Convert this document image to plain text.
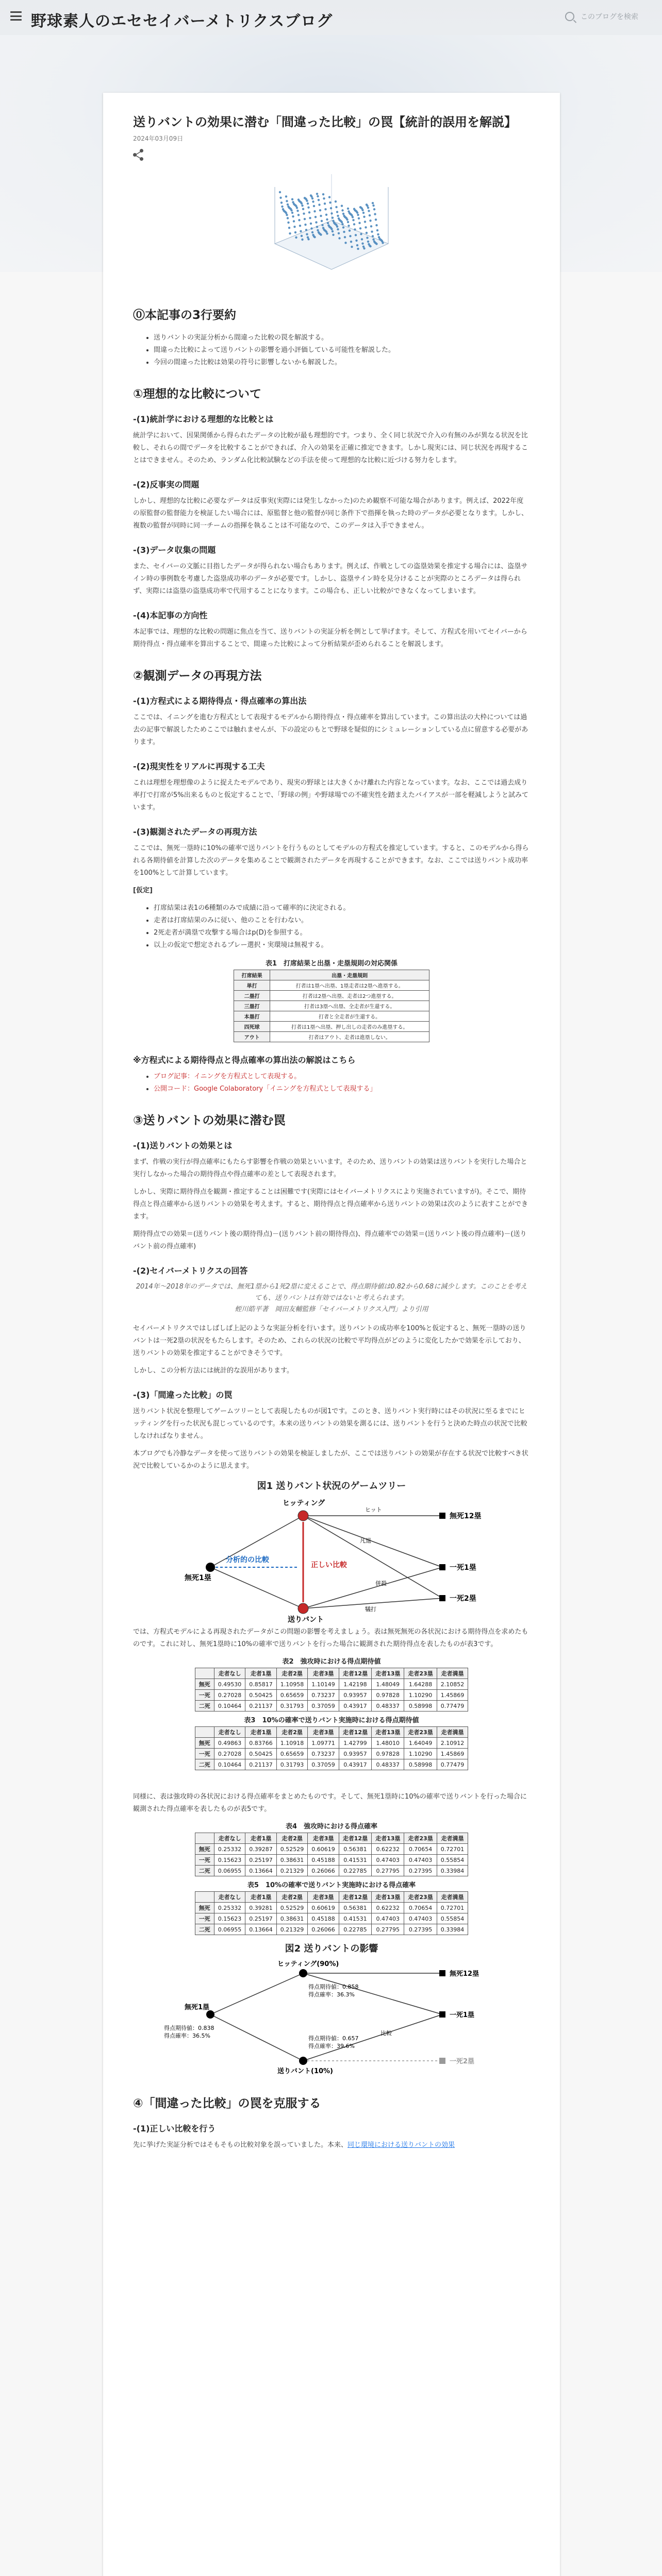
野球素人のエセセイバーメトリクスブログ	このブログを検索
送りバントの効果に潜む「間違った比較」の罠【統計的誤用を解説】
2024年03月09日
⓪本記事の3行要約
• 送りバントの実証分析から間違った比較の罠を解説する。
• 間違った比較によって送りバントの影響を過小評価している可能性を解説した。
• 今回の間違った比較は効果の符号に影響しないかも解説した。
①理想的な比較について
-(1)統計学における理想的な比較とは

統計学において、因果関係から得られたデータの比較が最も理想的です。つまり、全く同じ状況で介入の有無のみが異なる状況を比較し、それらの間でデータを比較することができれば、介入の効果を正確に推定できます。しかし現実には、同じ状況を再現することはできません。そのため、ランダム化比較試験などの手法を使って理想的な比較に近づける努力をします。

-(2)反事実の問題

しかし、理想的な比較に必要なデータは反事実(実際には発生しなかった)のため観察不可能な場合があります。例えば、2022年度の原監督の監督能力を検証したい場合には、原監督と他の監督が同じ条件下で指揮を執った時のデータが必要となります。しかし、複数の監督が同時に同一チームの指揮を執ることは不可能なので、このデータは入手できません。

-(3)データ収集の問題

また、セイバーの文脈に目指したデータが得られない場合もあります。例えば、作戦としての盗塁効果を推定する場合には、盗塁サイン時の事例数を考慮した盗塁成功率のデータが必要です。しかし、盗塁サイン時を見分けることが実際のところデータは得られず、実際には盗塁の盗塁成功率で代用することになります。この場合も、正しい比較ができなくなってしまいます。

-(4)本記事の方向性

本記事では、理想的な比較の問題に焦点を当て、送りバントの実証分析を例として挙げます。そして、方程式を用いてセイバーから期待得点・得点確率を算出することで、間違った比較によって分析結果が歪められることを解説します。

②観測データの再現方法
-(1)方程式による期待得点・得点確率の算出法

ここでは、イニングを進む方程式として表現するモデルから期待得点・得点確率を算出しています。この算出法の大枠については過去の記事で解説したためここでは触れませんが、下の設定のもとで野球を疑似的にシミュレーションしている点に留意する必要があります。

-(2)現実性をリアルに再現する工夫

これは理想を理想像のように捉えたモデルであり、現実の野球とは大きくかけ離れた内容となっています。なお、ここでは過去成り率打で打席が5%出来るものと仮定することで、「野球の例」や野球場での不確実性を踏まえたバイアスが一部を軽減しようと試みています。

-(3)観測されたデータの再現方法

ここでは、無死一塁時に10%の確率で送りバントを行うものとしてモデルの方程式を推定しています。すると、このモデルから得られる各期待値を計算した次のデータを集めることで観測されたデータを再現することができます。なお、ここでは送りバント成功率を100%として計算しています。

[仮定]

• 打席結果は表1の6種類のみで成績に沿って確率的に決定される。
• 走者は打席結果のみに従い、他のことを行わない。
• 2死走者が満塁で攻撃する場合はp(D)を参照する。
• 以上の仮定で想定されるプレー選択・実環境は無視する。
表1　打席結果と出塁・走塁規則の対応関係
打席結果	出塁・走塁規則
単打	打者は1塁へ出塁、1塁走者は2塁へ進塁する。
二塁打	打者は2塁へ出塁、走者は2つ進塁する。
三塁打	打者は3塁へ出塁、全走者が生還する。
本塁打	打者と全走者が生還する。
四死球	打者は1塁へ出塁、押し出しの走者のみ進塁する。
アウト	打者はアウト、走者は進塁しない。
※方程式による期待得点と得点確率の算出法の解説はこちら
• ブログ記事：イニングを方程式として表現する。
• 公開コード：Google Colaboratory「イニングを方程式として表現する」
③送りバントの効果に潜む罠
-(1)送りバントの効果とは

まず、作戦の実行が得点確率にもたらす影響を作戦の効果といいます。そのため、送りバントの効果は送りバントを実行した場合と実行しなかった場合の期待得点や得点確率の差として表現されます。

しかし、実際に期待得点を観測・推定することは困難です(実際にはセイバーメトリクスにより実施されていますが)。そこで、期待得点と得点確率から送りバントの効果を考えます。すると、期待得点と得点確率から送りバントの効果は次のように表すことができます。

期待得点での効果＝(送りバント後の期待得点)－(送りバント前の期待得点)、得点確率での効果＝(送りバント後の得点確率)－(送りバント前の得点確率)

-(2)セイバーメトリクスの回答
2014年〜2018年のデータでは、無死1塁から1死2塁に変えることで、得点期待値は0.82から0.68に減少します。このことを考えても、送りバントは有効ではないと考えられます。
蛭川皓平著　岡田友輔監修「セイバーメトリクス入門」より引用

セイバーメトリクスではしばしば上記のような実証分析を行います。送りバントの成功率を100%と仮定すると、無死一塁時の送りバントは一死2塁の状況をもたらします。そのため、これらの状況の比較で平均得点がどのように変化したかで効果を示しており、送りバントの効果を推定することができそうです。

しかし、この分析方法には統計的な誤用があります。

-(3)「間違った比較」の罠

送りバント状況を整理してゲームツリーとして表現したものが図1です。このとき、送りバント実行時にはその状況に至るまでにヒッティングを行った状況も混じっているのです。本来の送りバントの効果を測るには、送りバントを行うと決めた時点の状況で比較しなければなりません。

本ブログでも冷静なデータを使って送りバントの効果を検証しましたが、ここでは送りバントの効果が存在する状況で比較すべき状況で比較しているかのように思えます。

図1 送りバント状況のゲームツリー
無死1塁
ヒッティング
送りバント
無死12塁
一死1塁
一死2塁
分析的の比較
正しい比較
ヒット
凡退
併殺
犠打

では、方程式モデルによる再現されたデータがこの問題の影響を考えましょう。表は無死無死の各状況における期待得点を求めたものです。これに対し、無死1塁時に10%の確率で送りバントを行った場合に観測された期待得点を表したものが表3です。

表2　強攻時における得点期待値
	走者なし	走者1塁	走者2塁	走者3塁	走者12塁	走者13塁	走者23塁	走者満塁
無死	0.49530	0.85817	1.10958	1.10149	1.42198	1.48049	1.64288	2.10852
一死	0.27028	0.50425	0.65659	0.73237	0.93957	0.97828	1.10290	1.45869
二死	0.10464	0.21137	0.31793	0.37059	0.43917	0.48337	0.58998	0.77479
表3　10%の確率で送りバント実施時における得点期待値
	走者なし	走者1塁	走者2塁	走者3塁	走者12塁	走者13塁	走者23塁	走者満塁
無死	0.49863	0.83766	1.10918	1.09771	1.42799	1.48010	1.64049	2.10912
一死	0.27028	0.50425	0.65659	0.73237	0.93957	0.97828	1.10290	1.45869
二死	0.10464	0.21137	0.31793	0.37059	0.43917	0.48337	0.58998	0.77479

同様に、表は強攻時の各状況における得点確率をまとめたものです。そして、無死1塁時に10%の確率で送りバントを行った場合に観測された得点確率を表したものが表5です。

表4　強攻時における得点確率
	走者なし	走者1塁	走者2塁	走者3塁	走者12塁	走者13塁	走者23塁	走者満塁
無死	0.25332	0.39287	0.52529	0.60619	0.56381	0.62232	0.70654	0.72701
一死	0.15623	0.25197	0.38631	0.45188	0.41531	0.47403	0.47403	0.55854
二死	0.06955	0.13664	0.21329	0.26066	0.22785	0.27795	0.27395	0.33984
表5　10%の確率で送りバント実施時における得点確率
	走者なし	走者1塁	走者2塁	走者3塁	走者12塁	走者13塁	走者23塁	走者満塁
無死	0.25332	0.39281	0.52529	0.60619	0.56381	0.62232	0.70654	0.72701
一死	0.15623	0.25197	0.38631	0.45188	0.41531	0.47403	0.47403	0.55854
二死	0.06955	0.13664	0.21329	0.26066	0.22785	0.27795	0.27395	0.33984
図2 送りバントの影響
ヒッティング(90%)
送りバント(10%)
無死1塁
得点期待値：0.838
得点確率：36.5%
得点期待値：0.858
得点確率：36.3%
得点期待値：0.657
得点確率：39.6%
無死12塁
一死1塁
一死2塁
比較
④「間違った比較」の罠を克服する
-(1)正しい比較を行う

先に挙げた実証分析ではそもそもの比較対象を誤っていました。本来、同じ環境における送りバントの効果
